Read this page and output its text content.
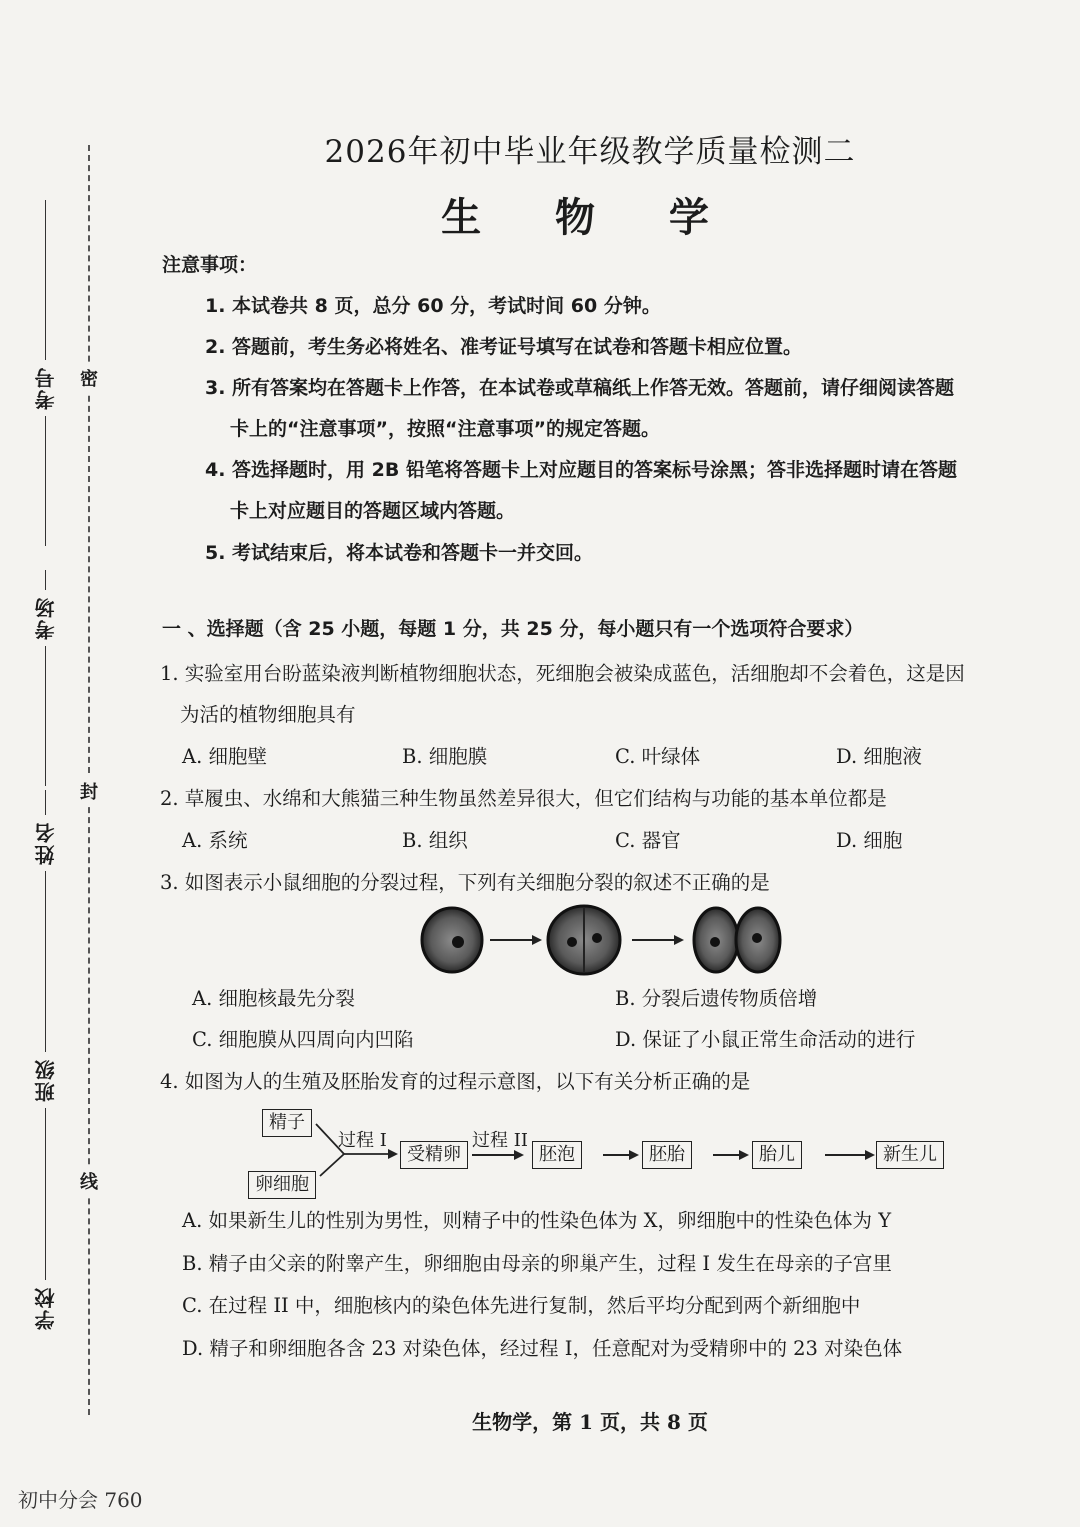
密
封
线
考号
考场
姓名
班级
学校
2026年初中毕业年级教学质量检测二
生 物 学
注意事项：
1. 本试卷共 8 页，总分 60 分，考试时间 60 分钟。
2. 答题前，考生务必将姓名、准考证号填写在试卷和答题卡相应位置。
3. 所有答案均在答题卡上作答，在本试卷或草稿纸上作答无效。答题前，请仔细阅读答题
卡上的“注意事项”，按照“注意事项”的规定答题。
4. 答选择题时，用 2B 铅笔将答题卡上对应题目的答案标号涂黑；答非选择题时请在答题
卡上对应题目的答题区域内答题。
5. 考试结束后，将本试卷和答题卡一并交回。
一 、选择题（含 25 小题，每题 1 分，共 25 分，每小题只有一个选项符合要求）
1. 实验室用台盼蓝染液判断植物细胞状态，死细胞会被染成蓝色，活细胞却不会着色，这是因
为活的植物细胞具有
A. 细胞壁	B. 细胞膜	C. 叶绿体	D. 细胞液
2. 草履虫、水绵和大熊猫三种生物虽然差异很大，但它们结构与功能的基本单位都是
A. 系统	B. 组织	C. 器官	D. 细胞
3. 如图表示小鼠细胞的分裂过程，下列有关细胞分裂的叙述不正确的是
A. 细胞核最先分裂	B. 分裂后遗传物质倍增
C. 细胞膜从四周向内凹陷	D. 保证了小鼠正常生命活动的进行
4. 如图为人的生殖及胚胎发育的过程示意图，以下有关分析正确的是
精子
卵细胞
过程 I
受精卵
过程 II
胚泡	胚胎	胎儿	新生儿
A. 如果新生儿的性别为男性，则精子中的性染色体为 X，卵细胞中的性染色体为 Y
B. 精子由父亲的附睾产生，卵细胞由母亲的卵巢产生，过程 I 发生在母亲的子宫里
C. 在过程 II 中，细胞核内的染色体先进行复制，然后平均分配到两个新细胞中
D. 精子和卵细胞各含 23 对染色体，经过程 I，任意配对为受精卵中的 23 对染色体
生物学，第 1 页，共 8 页
初中分会 760
